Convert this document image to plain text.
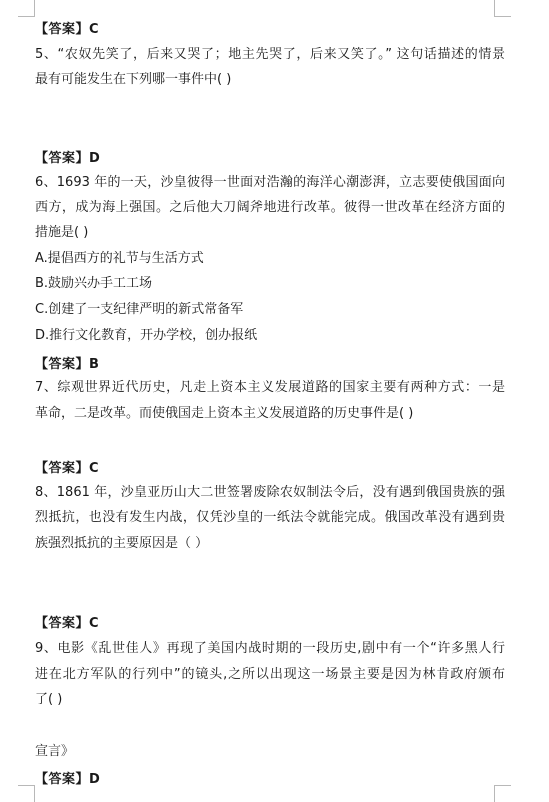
【答案】C
5、“农奴先笑了，后来又哭了；地主先哭了，后来又笑了。” 这句话描述的情景
最有可能发生在下列哪一事件中( )
【答案】D
6、1693 年的一天，沙皇彼得一世面对浩瀚的海洋心潮澎湃，立志要使俄国面向
西方，成为海上强国。之后他大刀阔斧地进行改革。彼得一世改革在经济方面的
措施是( )
A.提倡西方的礼节与生活方式
B.鼓励兴办手工工场
C.创建了一支纪律严明的新式常备军
D.推行文化教育，开办学校，创办报纸
【答案】B
7、综观世界近代历史，凡走上资本主义发展道路的国家主要有两种方式：一是
革命，二是改革。而使俄国走上资本主义发展道路的历史事件是( )
【答案】C
8、1861 年，沙皇亚历山大二世签署废除农奴制法令后，没有遇到俄国贵族的强
烈抵抗，也没有发生内战，仅凭沙皇的一纸法令就能完成。俄国改革没有遇到贵
族强烈抵抗的主要原因是（ ）
【答案】C
9、电影《乱世佳人》再现了美国内战时期的一段历史,剧中有一个“许多黑人行
进在北方军队的行列中”的镜头,之所以出现这一场景主要是因为林肯政府颁布
了( )
宣言》
【答案】D
